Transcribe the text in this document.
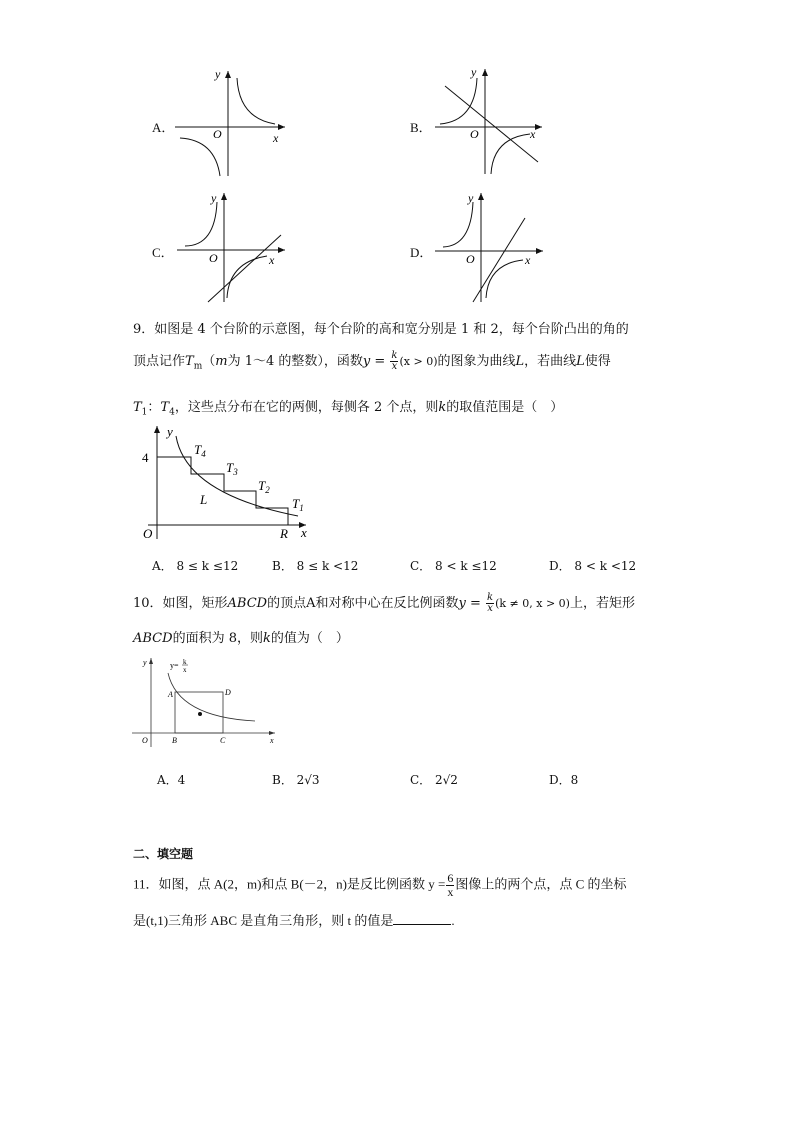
A．
y
x
O	B．
y
x
O
C．
y
x
O	D．
y
x
O
9．如图是 4 个台阶的示意图，每个台阶的高和宽分别是 1 和 2，每个台阶凸出的角的
顶点记作$T_m(m$为 1～4 的整数），函数$y = \frac{k}{x} (x > 0)$的图象为曲线L，若曲线L使得
$T_1$：$T_4$，这些点分布在它的两侧，每侧各 2 个点，则k的取值范围是（　）
y
x
O
4
$T_4$
$T_3$
$T_2$
$T_1$
L
R
A． 8 ≤ k ≤12	B． 8 ≤ k <12	C． 8 < k ≤12	D． 8 < k <12
10．如图，矩形ABCD的顶点A和对称中心在反比例函数$y = \frac{k}{x} (k \ne 0$, x > 0)上，若矩形
ABCD的面积为 8，则k的值为（　）
y
x
O
y= k
x
A	D
B	C
A．4	B． 2√3	C． 2√2	D．8
二、填空题
11．如图，点 A(2，m)和点 B(－2，n)是反比例函数 $y = \frac{6}{x}$ 图像上的两个点，点 C 的坐标
是(t,1)三角形 ABC 是直角三角形，则 t 的值是	.
